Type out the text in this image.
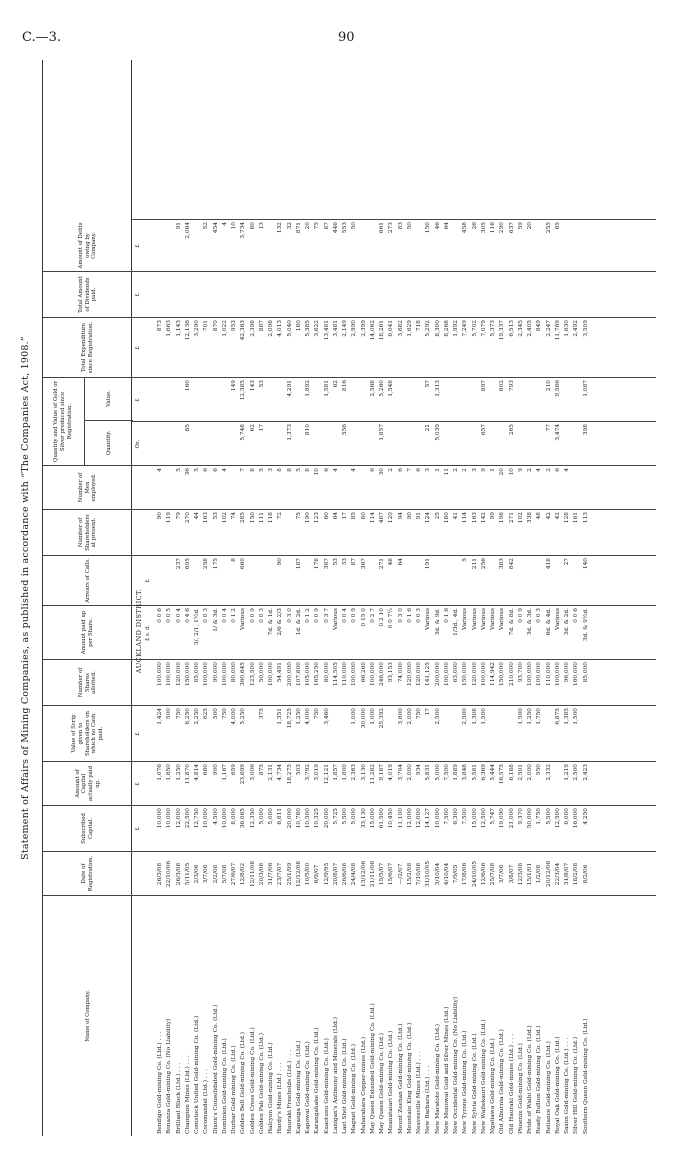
C.—3.	90
Statement of Affairs of Mining Companies, as published in accordance with “The Companies Act, 1908.”
Name of Company.
Date of Registration.
Subscribed Capital.
Amount of Capital actually paid up.
Value of Scrip given to Shareholders on which no Cash paid.
Number of Shares allotted.
Amount paid up per Share.
Arrears of Calls.
Number of Shareholders at present.
Number of Men employed.
Quantity and Value of Gold or Silver produced since Registration.
Quantity.
Value.
Total Expenditure since Registration.
Total Amount of Dividends paid.
Amount of Debts owing by Company.
£
£
£
£ s. d.
£
Oz.
£
£
£
£
AUCKLAND DISTRICT.
Bendigo Gold-mining Co. (Ltd.) . . .
26/3/08
10,000
1,076
1,424
100,000
0 0 6
90
4
873
Bonanza Gold-mining Co. (No Liability)
22/10/06
10,000
1,650
500
100,000
0 0 5
119
1,663
Brilliant Block (Ltd.) . . .
26/3/08
12,000
1,250
750
120,000
0 0 4
237
79
5
1,143
91
Champion Mines (Ltd.) . . .
5/11/05
22,500
11,870
8,250
150,000
0 4 6
695
270
36
65
160
12,136
2,064
Comstock United Gold-mining Co. (Ltd.)
2/3/06
12,750
4,814
2,250
85,000
3/, 2/1, 1½d.
44
5
3,290
Coromandel (Ltd.) . . .
3/7/08
10,000
680
625
100,000
0 0 3
258
163
6
701
52
Dixon's Consolidated Gold-mining Co. (Ltd.)
2/2/08
4,500
900
500
90,000
1/ & 3d.
175
53
6
870
454
Dominion Gold-mining Co. (Ltd.)
5/7/08
10,000
1,167
750
100,000
0 0 4
102
4
1,022
4
Durbar Gold-mining Co. (Ltd.)
27/6/07
8,000
659
4,000
80,000
0 1 2
8
74
149
953
10
Golden Belt Gold-mining Co. (Ltd.)
12/8/02
36,065
23,699
5,250
360,645
Various
660
285
7
5,748
12,385
42,363
3,734
Golden Cross Gold-mining Co. (Ltd.)
12/11/08
12,350
3,006
123,500
0 0 9
150
8
62
143
2,398
80
Golden Pah Gold-mining Co. (Ltd.)
20/3/08
5,000
875
375
50,000
0 0 3
111
5
17
53
887
13
Halcyon Gold-mining Co. (Ltd.)
31/7/06
5,000
2,131
100,000
7d. & 1d.
118
3
2,098
Hardy's Mines (Ltd.) . . .
23/7/07
6,811
4,734
1,351
54,491
2/6 & 2/3
90
72
8
4,013
132
Hauraki Freeholds (Ltd.) . . .
25/1/99
20,000
18,275
18,725
200,000
0 3 0
8
1,373
4,291
5,040
32
Kapanga Gold-mining Co. (Ltd.)
12/12/08
10,780
503
1,250
107,800
1d. & 2d.
187
75
5
180
871
Kapowai Gold-mining Co. (Ltd.)
10/5/00
10,500
3,792
4,000
105,000
0 1 2
190
8
810
1,892
5,385
20
Karangahake Gold-mining Co. (Ltd.)
6/9/07
10,325
3,019
750
165,250
0 0 9
178
123
10
3,622
75
Kuaotunu Gold-mining Co. (Ltd.)
12/9/95
20,000
12,121
3,460
80,000
0 3 7
367
60
6
1,581
13,481
87
Lanigan's Antimony and Minerals (Ltd.)
20/8/07
5,725
1,857
114,505
Various
53
64
4
62
3,481
446
Last Shot Gold-mining Co. (Ltd.)
26/6/08
5,500
1,800
110,000
0 0 4
33
17
556
816
2,149
553
Magnet Gold-mining Co. (Ltd.)
24/4/08
5,000
2,363
1,000
100,000
0 0 9
87
85
4
2,990
50
Maharahara Copper-mines (Ltd.)
13/12/06
33,130
3,130
30,000
66,260
0 15 0
367
80
2,399
May Queen Extended Gold-mining Co. (Ltd.)
21/11/06
15,000
11,282
1,000
100,000
0 2 7
114
6
2,568
14,062
May Queen Gold-mining Co. (Ltd.)
15/5/07
61,500
9,187
25,392
246,000
0 2 10
271
487
30
1,857
5,260
18,261
661
Moanataiari Gold-mining Co. (Ltd.)
15/6/07
10,450
4,019
93,153
0 0 7½
48
120
2
1,548
6,041
273
Mount Zeehan Gold-mining Co. (Ltd.)
—/2/07
11,100
3,704
3,600
74,000
0 3 0
64
94
6
3,682
83
Mountain King Gold-mining Co. (Ltd.)
15/2/08
12,000
2,000
2,000
120,000
0 1 6
90
7
1,629
50
Neavesville Mines (Ltd.) . . .
7/10/08
12,000
934
750
120,000
0 0 3
91
6
718
New Barbara (Ltd.) . . .
31/10/05
14,127
5,831
17
141,125
Various
191
124
3
21
57
5,292
150
New Maratoto Gold-mining Co. (Ltd.)
3/10/04
10,000
5,000
2,500
200,000
3d. & 9d.
25
1
5,039
1,313
8,300
46
New Monowai Gold and Silver Mines (Ltd.)
4/10/04
7,500
7,500
100,000
0 1 6
180
11
8,268
64
New Occidental Gold-mining Co. (No Liability)
7/9/05
6,300
1,889
63,000
1/3d., 4d.
41
2
1,992
New Tyrone Gold-mining Co. (Ltd.)
17/8/06
7,500
3,848
2,500
150,000
Various
5
114
2
7,249
458
New Sylvia Gold-mining Co. (Ltd.)
24/10/05
15,000
5,581
1,308
120,000
Various
211
163
3
5,702
26
New Waitekauri Gold-mining Co. (Ltd.)
12/6/06
12,500
6,369
1,500
100,000
Various
256
142
9
657
897
7,079
305
Ngatiawa Gold-mining Co. (Ltd.)
25/7/08
5,747
5,444
114,942
Various
99
1
5,373
116
Old Alburnia Gold-mining Co. (Ltd.)
3/7/08
19,090
16,575
150,000
Various
383
198
20
802
19,337
290
Old Hauraki Gold-mines (Ltd.) . . .
3/8/07
21,000
6,188
210,000
7d. & 8d.
842
271
10
265
793
6,513
637
Phoenix Gold-mining Co. (Ltd.)
12/3/08
9,370
2,501
1,500
93,700
0 0 9
102
9
2,345
59
Pride of Waihi Gold-mining Co. (Ltd.)
15/1/01
50,000
2,000
1,250
100,000
3d. & 3d.
338
2
2,405
20
Ready Bullion Gold-mining Co. (Ltd.)
1/2/08
1,750
950
1,750
100,000
0 0 3
48
4
849
Reliance Gold-mining Co. (Ltd.)
20/12/06
5,500
2,332
110,000
6d. & 4d.
418
42
2
77
210
2,247
255
Royal Oak Gold-mining Co. (Ltd.)
22/3/04
12,500
6,875
100,000
Various
42
6
3,474
9,586
11,769
65
Saxon Gold-mining Co. (Ltd.) . . .
31/8/07
6,000
1,219
1,385
96,000
3d. & 2d.
27
128
4
1,630
Silver Hill Gold-mining Co. (Ltd.)
18/2/08
16,000
2,500
1,500
160,000
0 0 6
161
2,492
Southern Queen Gold-mining Co. (Ltd.)
8/2/06
4,250
2,423
85,000
3d. & 9½d.
140
113
398
1,087
3,509
